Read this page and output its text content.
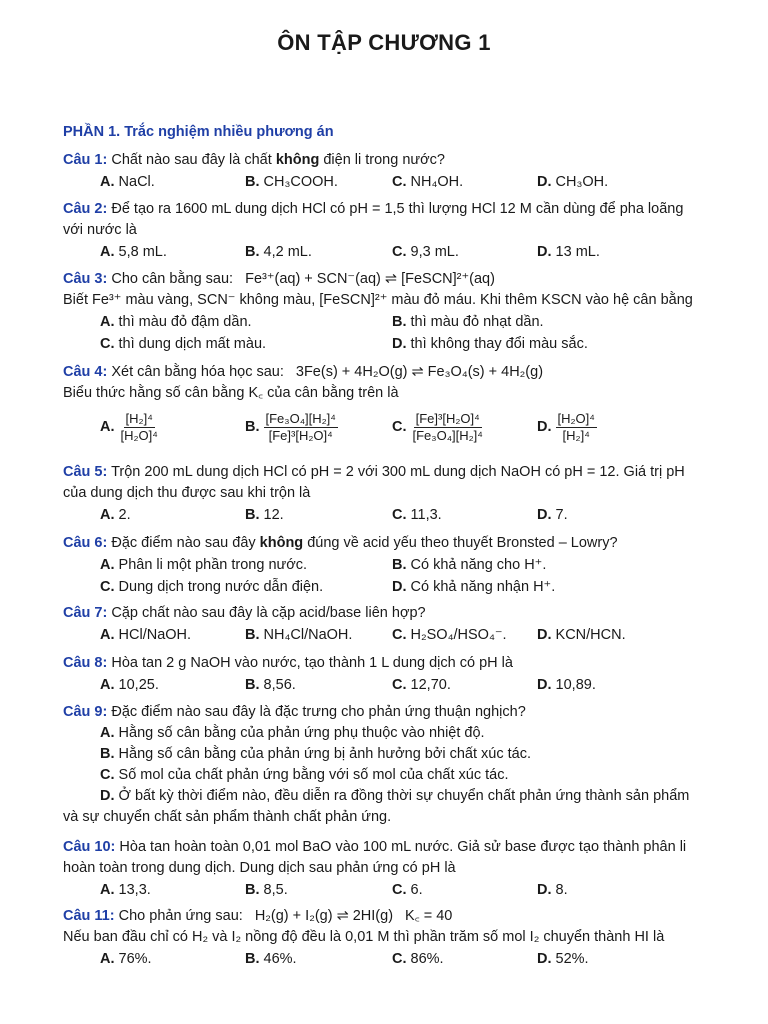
ÔN TẬP CHƯƠNG 1
PHẦN 1. Trắc nghiệm nhiều phương án
Câu 1: Chất nào sau đây là chất không điện li trong nước?
A. NaCl.	B. CH₃COOH.	C. NH₄OH.	D. CH₃OH.
Câu 2: Để tạo ra 1600 mL dung dịch HCl có pH = 1,5 thì lượng HCl 12 M cần dùng để pha loãng
với nước là
A. 5,8 mL.	B. 4,2 mL.	C. 9,3 mL.	D. 13 mL.
Câu 3: Cho cân bằng sau: Fe³⁺(aq) + SCN⁻(aq) ⇌ [FeSCN]²⁺(aq)
Biết Fe³⁺ màu vàng, SCN⁻ không màu, [FeSCN]²⁺ màu đỏ máu. Khi thêm KSCN vào hệ cân bằng
A. thì màu đỏ đậm dần.	B. thì màu đỏ nhạt dần.
C. thì dung dịch mất màu.	D. thì không thay đổi màu sắc.
Câu 4: Xét cân bằng hóa học sau: 3Fe(s) + 4H₂O(g) ⇌ Fe₃O₄(s) + 4H₂(g)
Biểu thức hằng số cân bằng K꜀ của cân bằng trên là
A. $\frac{\text{[H₂]⁴}}{\text{[H₂O]⁴}}$	B. $\frac{\text{[Fe₃O₄][H₂]⁴}}{\text{[Fe]³[H₂O]⁴}}$	C. $\frac{\text{[Fe]³[H₂O]⁴}}{\text{[Fe₃O₄][H₂]⁴}}$	D. $\frac{\text{[H₂O]⁴}}{\text{[H₂]⁴}}$
Câu 5: Trộn 200 mL dung dịch HCl có pH = 2 với 300 mL dung dịch NaOH có pH = 12. Giá trị pH
của dung dịch thu được sau khi trộn là
A. 2.	B. 12.	C. 11,3.	D. 7.
Câu 6: Đặc điểm nào sau đây không đúng về acid yếu theo thuyết Bronsted – Lowry?
A. Phân li một phần trong nước.	B. Có khả năng cho H⁺.
C. Dung dịch trong nước dẫn điện.	D. Có khả năng nhận H⁺.
Câu 7: Cặp chất nào sau đây là cặp acid/base liên hợp?
A. HCl/NaOH.	B. NH₄Cl/NaOH.	C. H₂SO₄/HSO₄⁻. D. KCN/HCN.
Câu 8: Hòa tan 2 g NaOH vào nước, tạo thành 1 L dung dịch có pH là
A. 10,25.	B. 8,56.	C. 12,70.	D. 10,89.
Câu 9: Đặc điểm nào sau đây là đặc trưng cho phản ứng thuận nghịch?
A. Hằng số cân bằng của phản ứng phụ thuộc vào nhiệt độ.
B. Hằng số cân bằng của phản ứng bị ảnh hưởng bởi chất xúc tác.
C. Số mol của chất phản ứng bằng với số mol của chất xúc tác.
D. Ở bất kỳ thời điểm nào, đều diễn ra đồng thời sự chuyển chất phản ứng thành sản phẩm
và sự chuyển chất sản phẩm thành chất phản ứng.
Câu 10: Hòa tan hoàn toàn 0,01 mol BaO vào 100 mL nước. Giả sử base được tạo thành phân li
hoàn toàn trong dung dịch. Dung dịch sau phản ứng có pH là
A. 13,3.	B. 8,5.	C. 6.	D. 8.
Câu 11: Cho phản ứng sau: H₂(g) + I₂(g) ⇌ 2HI(g) K꜀ = 40
Nếu ban đầu chỉ có H₂ và I₂ nồng độ đều là 0,01 M thì phần trăm số mol I₂ chuyển thành HI là
A. 76%.	B. 46%.	C. 86%.	D. 52%.
